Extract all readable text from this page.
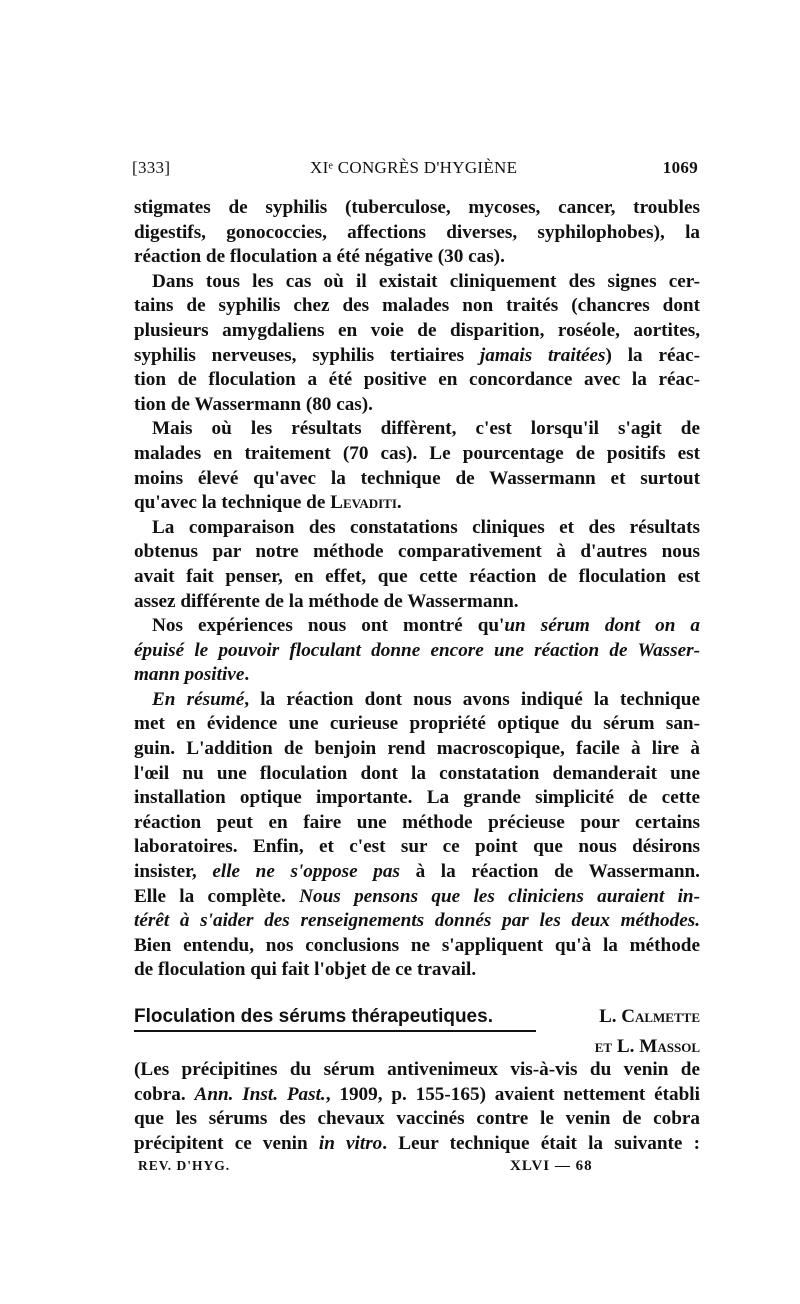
[333]	XIᵉ CONGRÈS D'HYGIÈNE	1069
stigmates de syphilis (tuberculose, mycoses, cancer, troubles
digestifs, gonococcies, affections diverses, syphilophobes), la
réaction de floculation a été négative (30 cas).
Dans tous les cas où il existait cliniquement des signes cer-
tains de syphilis chez des malades non traités (chancres dont
plusieurs amygdaliens en voie de disparition, roséole, aortites,
syphilis nerveuses, syphilis tertiaires jamais traitées) la réac-
tion de floculation a été positive en concordance avec la réac-
tion de Wassermann (80 cas).
Mais où les résultats diffèrent, c'est lorsqu'il s'agit de
malades en traitement (70 cas). Le pourcentage de positifs est
moins élevé qu'avec la technique de Wassermann et surtout
qu'avec la technique de Levaditi.
La comparaison des constatations cliniques et des résultats
obtenus par notre méthode comparativement à d'autres nous
avait fait penser, en effet, que cette réaction de floculation est
assez différente de la méthode de Wassermann.
Nos expériences nous ont montré qu'un sérum dont on a
épuisé le pouvoir floculant donne encore une réaction de Wasser-
mann positive.
En résumé, la réaction dont nous avons indiqué la technique
met en évidence une curieuse propriété optique du sérum san-
guin. L'addition de benjoin rend macroscopique, facile à lire à
l'œil nu une floculation dont la constatation demanderait une
installation optique importante. La grande simplicité de cette
réaction peut en faire une méthode précieuse pour certains
laboratoires. Enfin, et c'est sur ce point que nous désirons
insister, elle ne s'oppose pas à la réaction de Wassermann.
Elle la complète. Nous pensons que les cliniciens auraient in-
térêt à s'aider des renseignements donnés par les deux méthodes.
Bien entendu, nos conclusions ne s'appliquent qu'à la méthode
de floculation qui fait l'objet de ce travail.
Floculation des sérums thérapeutiques.	L. Calmette
et L. Massol
(Les précipitines du sérum antivenimeux vis-à-vis du venin de
cobra. Ann. Inst. Past., 1909, p. 155-165) avaient nettement établi
que les sérums des chevaux vaccinés contre le venin de cobra
précipitent ce venin in vitro. Leur technique était la suivante :
REV. D'HYG.	XLVI — 68
